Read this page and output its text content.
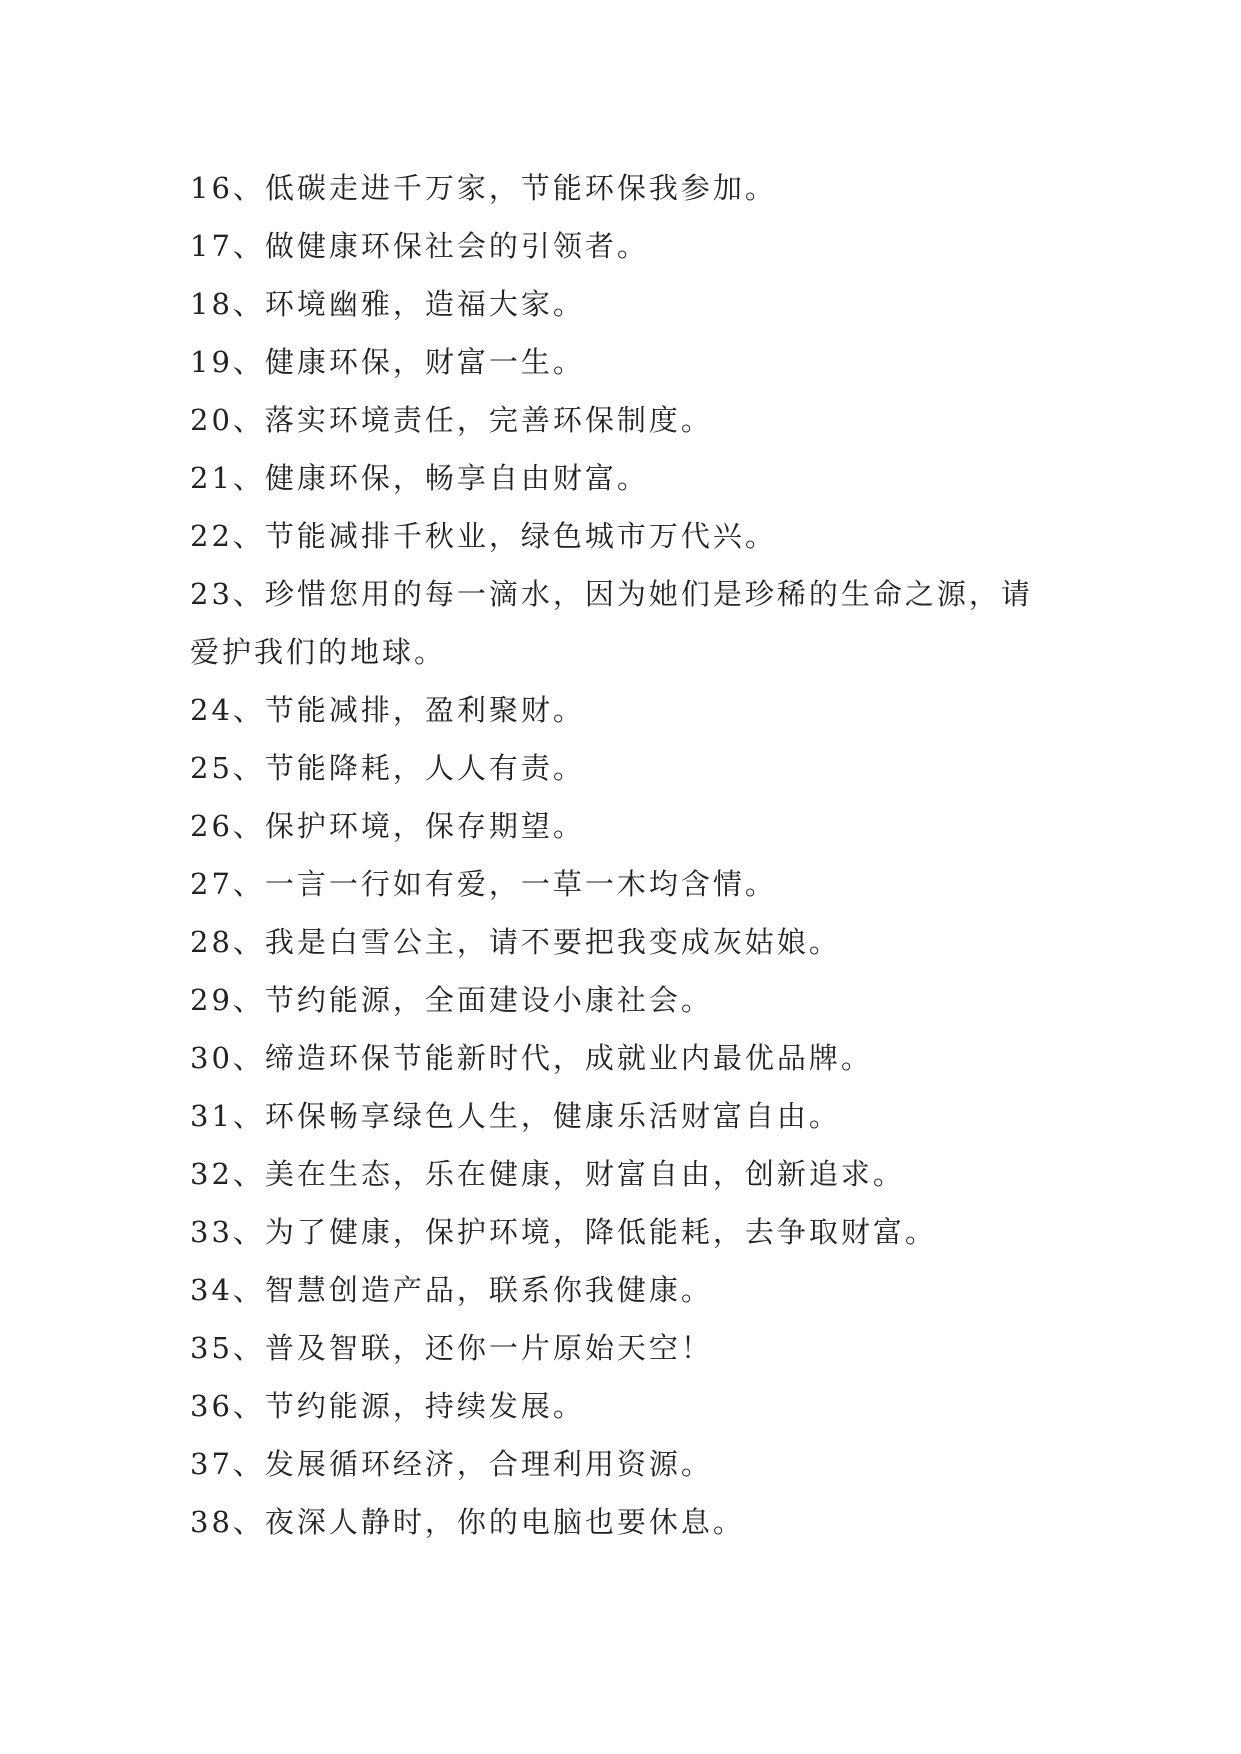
16、低碳走进千万家，节能环保我参加。
17、做健康环保社会的引领者。
18、环境幽雅，造福大家。
19、健康环保，财富一生。
20、落实环境责任，完善环保制度。
21、健康环保，畅享自由财富。
22、节能减排千秋业，绿色城市万代兴。
23、珍惜您用的每一滴水，因为她们是珍稀的生命之源，请
爱护我们的地球。
24、节能减排，盈利聚财。
25、节能降耗，人人有责。
26、保护环境，保存期望。
27、一言一行如有爱，一草一木均含情。
28、我是白雪公主，请不要把我变成灰姑娘。
29、节约能源，全面建设小康社会。
30、缔造环保节能新时代，成就业内最优品牌。
31、环保畅享绿色人生，健康乐活财富自由。
32、美在生态，乐在健康，财富自由，创新追求。
33、为了健康，保护环境，降低能耗，去争取财富。
34、智慧创造产品，联系你我健康。
35、普及智联，还你一片原始天空！
36、节约能源，持续发展。
37、发展循环经济，合理利用资源。
38、夜深人静时，你的电脑也要休息。
